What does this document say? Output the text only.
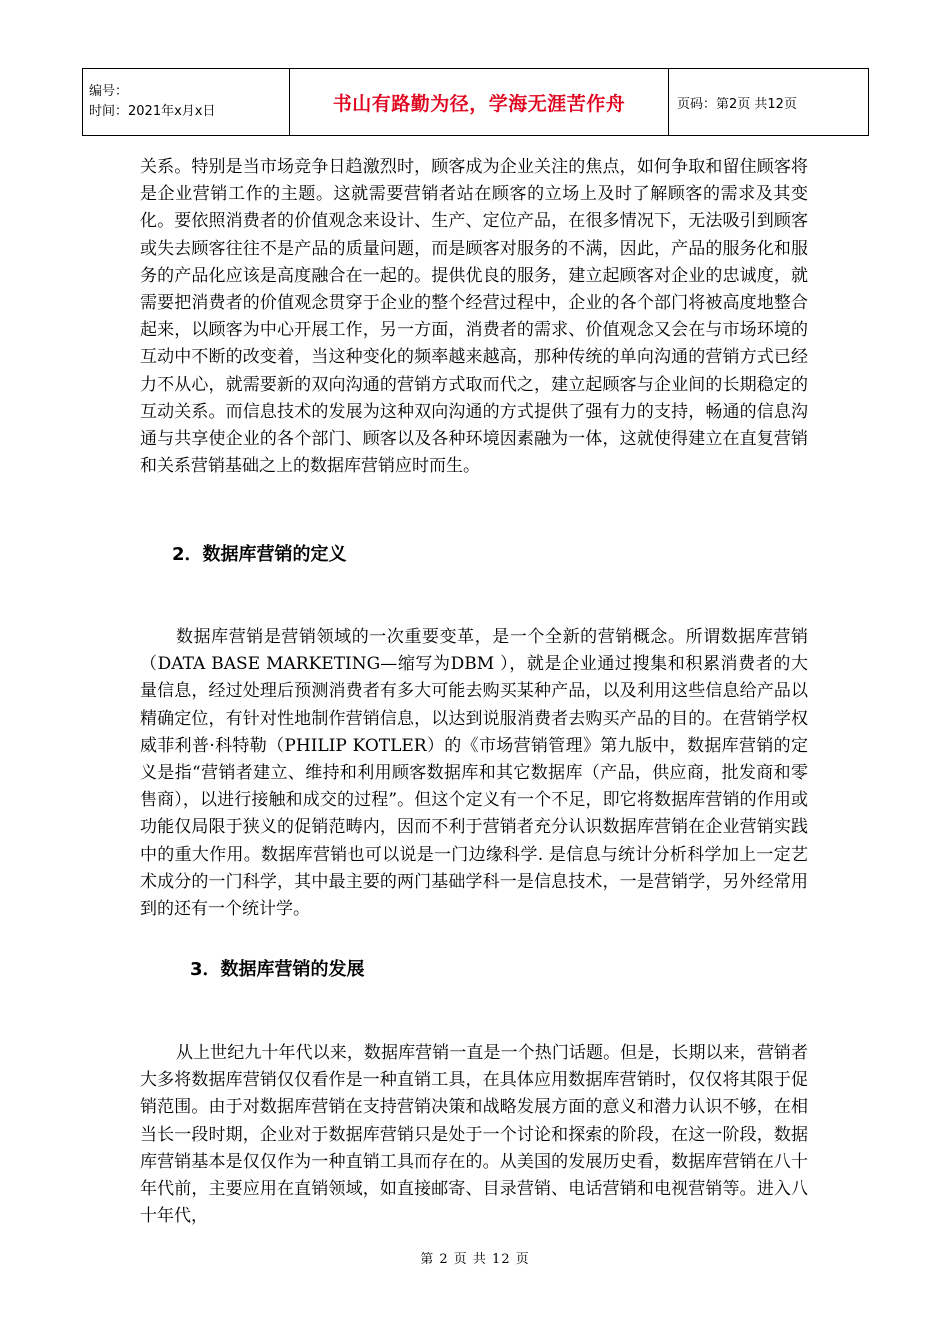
编号：
时间：2021年x月x日	书山有路勤为径，学海无涯苦作舟	页码：第2页 共12页

关系。特别是当市场竞争日趋激烈时，顾客成为企业关注的焦点，如何争取和留住顾客将是企业营销工作的主题。这就需要营销者站在顾客的立场上及时了解顾客的需求及其变化。要依照消费者的价值观念来设计、生产、定位产品，在很多情况下，无法吸引到顾客或失去顾客往往不是产品的质量问题，而是顾客对服务的不满，因此，产品的服务化和服务的产品化应该是高度融合在一起的。提供优良的服务，建立起顾客对企业的忠诚度，就需要把消费者的价值观念贯穿于企业的整个经营过程中，企业的各个部门将被高度地整合起来，以顾客为中心开展工作，另一方面，消费者的需求、价值观念又会在与市场环境的互动中不断的改变着，当这种变化的频率越来越高，那种传统的单向沟通的营销方式已经力不从心，就需要新的双向沟通的营销方式取而代之，建立起顾客与企业间的长期稳定的互动关系。而信息技术的发展为这种双向沟通的方式提供了强有力的支持，畅通的信息沟通与共享使企业的各个部门、顾客以及各种环境因素融为一体，这就使得建立在直复营销和关系营销基础之上的数据库营销应时而生。

2．数据库营销的定义

数据库营销是营销领域的一次重要变革，是一个全新的营销概念。所谓数据库营销（DATA BASE MARKETING—缩写为DBM ），就是企业通过搜集和积累消费者的大量信息，经过处理后预测消费者有多大可能去购买某种产品，以及利用这些信息给产品以精确定位，有针对性地制作营销信息，以达到说服消费者去购买产品的目的。在营销学权威菲利普·科特勒（PHILIP KOTLER）的《市场营销管理》第九版中，数据库营销的定义是指“营销者建立、维持和利用顾客数据库和其它数据库（产品，供应商，批发商和零售商），以进行接触和成交的过程”。但这个定义有一个不足，即它将数据库营销的作用或功能仅局限于狭义的促销范畴内，因而不利于营销者充分认识数据库营销在企业营销实践中的重大作用。数据库营销也可以说是一门边缘科学. 是信息与统计分析科学加上一定艺术成分的一门科学，其中最主要的两门基础学科一是信息技术，一是营销学，另外经常用到的还有一个统计学。

3．数据库营销的发展

从上世纪九十年代以来，数据库营销一直是一个热门话题。但是，长期以来，营销者大多将数据库营销仅仅看作是一种直销工具，在具体应用数据库营销时，仅仅将其限于促销范围。由于对数据库营销在支持营销决策和战略发展方面的意义和潜力认识不够，在相当长一段时期，企业对于数据库营销只是处于一个讨论和探索的阶段，在这一阶段，数据库营销基本是仅仅作为一种直销工具而存在的。从美国的发展历史看，数据库营销在八十年代前，主要应用在直销领域，如直接邮寄、目录营销、电话营销和电视营销等。进入八十年代，

第 2 页 共 12 页
